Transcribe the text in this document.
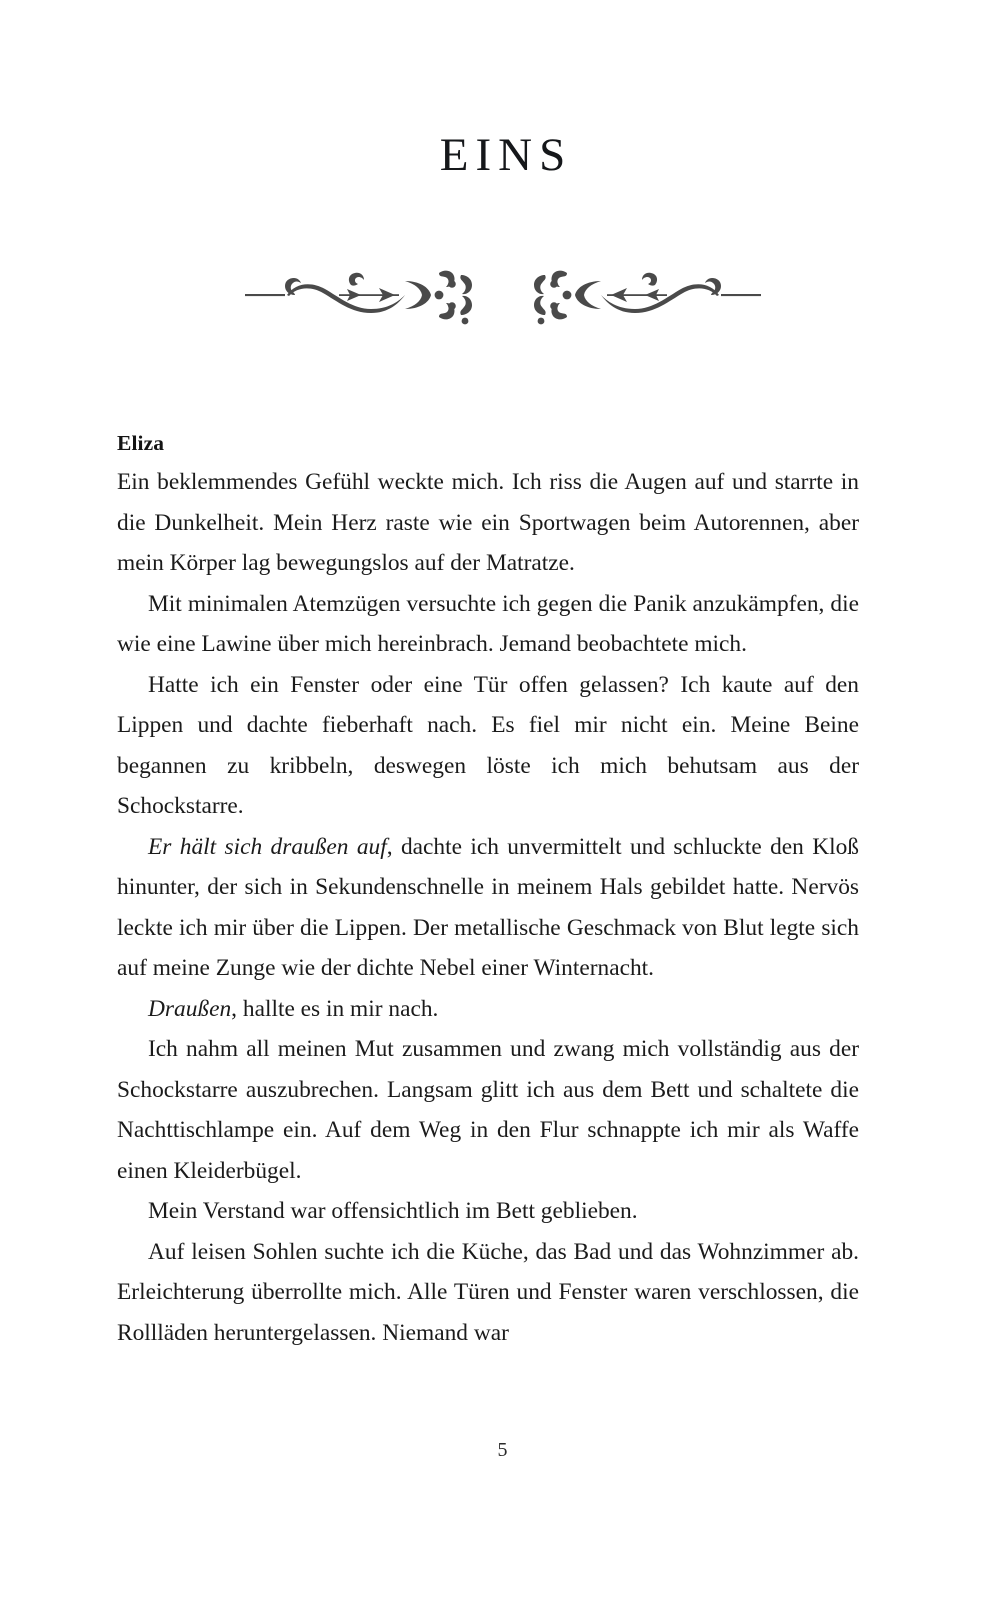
EINS
Eliza

Ein beklemmendes Gefühl weckte mich. Ich riss die Augen auf und starrte in die Dunkelheit. Mein Herz raste wie ein Sportwagen beim Autorennen, aber mein Körper lag bewegungslos auf der Matratze.

Mit minimalen Atemzügen versuchte ich gegen die Panik anzukämpfen, die wie eine Lawine über mich hereinbrach. Jemand beobachtete mich.

Hatte ich ein Fenster oder eine Tür offen gelassen? Ich kaute auf den Lippen und dachte fieberhaft nach. Es fiel mir nicht ein. Meine Beine begannen zu kribbeln, deswegen löste ich mich behutsam aus der Schockstarre.

Er hält sich draußen auf, dachte ich unvermittelt und schluckte den Kloß hinunter, der sich in Sekundenschnelle in meinem Hals gebildet hatte. Nervös leckte ich mir über die Lippen. Der metallische Geschmack von Blut legte sich auf meine Zunge wie der dichte Nebel einer Winternacht.

Draußen, hallte es in mir nach.

Ich nahm all meinen Mut zusammen und zwang mich vollständig aus der Schockstarre auszubrechen. Langsam glitt ich aus dem Bett und schaltete die Nachttischlampe ein. Auf dem Weg in den Flur schnappte ich mir als Waffe einen Kleiderbügel.

Mein Verstand war offensichtlich im Bett geblieben.

Auf leisen Sohlen suchte ich die Küche, das Bad und das Wohnzimmer ab. Erleichterung überrollte mich. Alle Türen und Fenster waren verschlossen, die Rollläden heruntergelassen. Niemand war

5
